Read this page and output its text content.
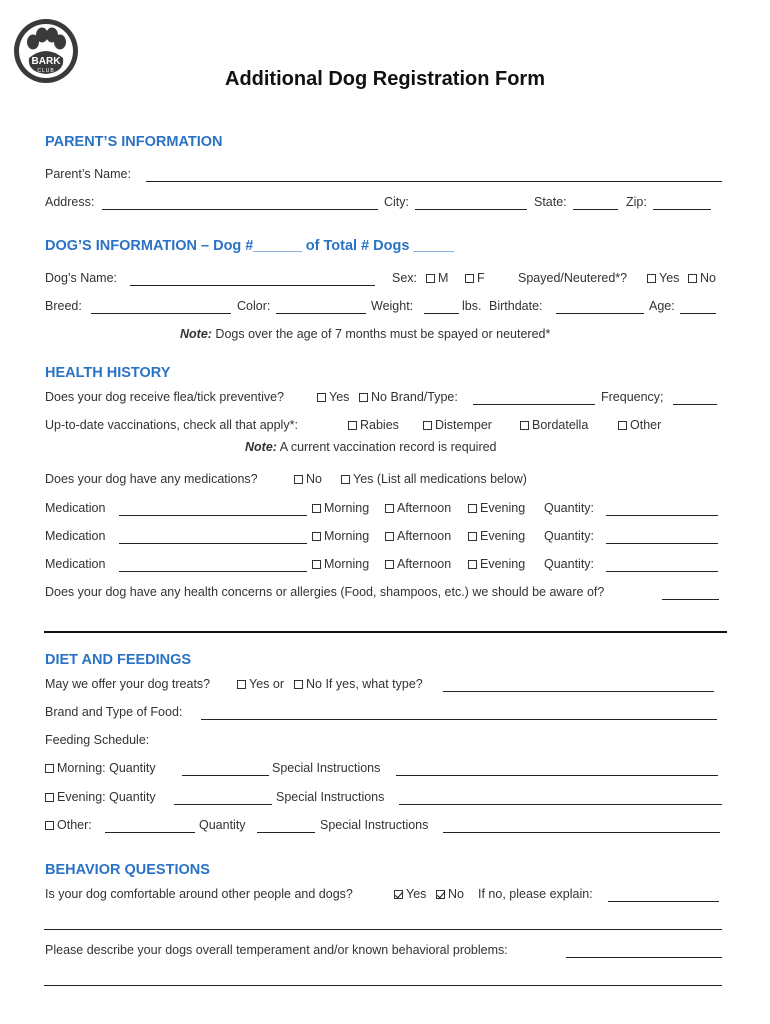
BARK
CLUB	Additional Dog Registration Form
PARENT’S INFORMATION
Parent’s Name:
Address:	City:	State:	Zip:
DOG’S INFORMATION – Dog #______ of Total # Dogs _____
Dog’s Name:	Sex:	M	F	Spayed/Neutered*?	Yes	No
Breed:	Color:	Weight:	lbs. Birthdate:	Age:
Note: Dogs over the age of 7 months must be spayed or neutered*
HEALTH HISTORY
Does your dog receive flea/tick preventive?	Yes	No Brand/Type:	Frequency;
Up-to-date vaccinations, check all that apply*:	Rabies	Distemper	Bordatella	Other
Note: A current vaccination record is required
Does your dog have any medications?	No	Yes (List all medications below)
Medication	Morning	Afternoon	Evening Quantity:
Medication	Morning	Afternoon	Evening Quantity:
Medication	Morning	Afternoon	Evening Quantity:
Does your dog have any health concerns or allergies (Food, shampoos, etc.) we should be aware of?
DIET AND FEEDINGS
May we offer your dog treats?	Yes or	No If yes, what type?
Brand and Type of Food:
Feeding Schedule:
Morning: Quantity	Special Instructions
Evening: Quantity	Special Instructions
Other:	Quantity	Special Instructions
BEHAVIOR QUESTIONS
Is your dog comfortable around other people and dogs?	Yes	No If no, please explain:
Please describe your dogs overall temperament and/or known behavioral problems:
